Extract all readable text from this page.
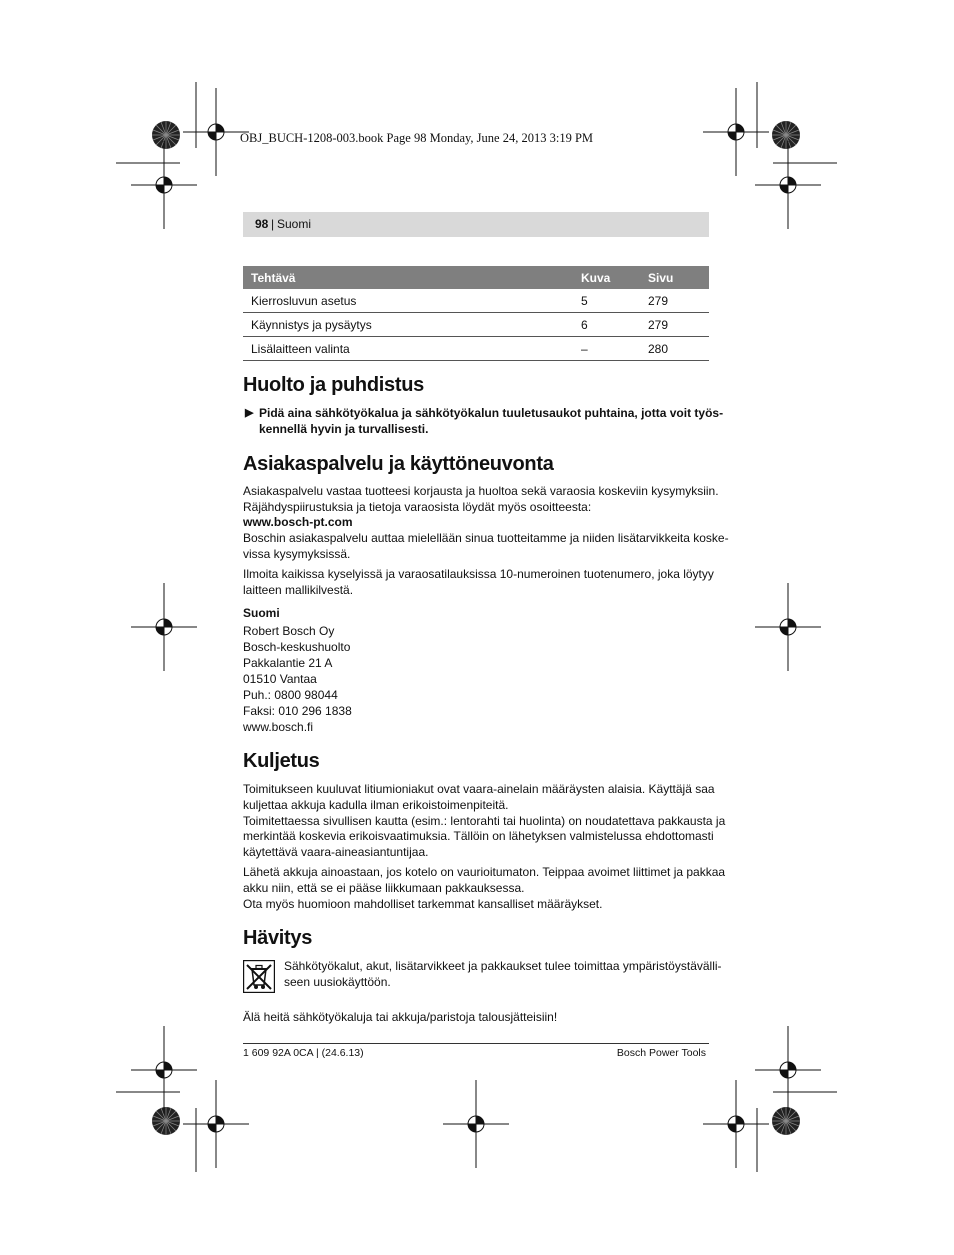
OBJ_BUCH-1208-003.book Page 98 Monday, June 24, 2013 3:19 PM
98 | Suomi
Tehtävä	Kuva	Sivu
Kierrosluvun asetus	5	279
Käynnistys ja pysäytys	6	279
Lisälaitteen valinta	–	280
Huolto ja puhdistus
▶ Pidä aina sähkötyökalua ja sähkötyökalun tuuletusaukot puhtaina, jotta voit työs-
kennellä hyvin ja turvallisesti.
Asiakaspalvelu ja käyttöneuvonta
Asiakaspalvelu vastaa tuotteesi korjausta ja huoltoa sekä varaosia koskeviin kysymyksiin.
Räjähdyspiirustuksia ja tietoja varaosista löydät myös osoitteesta:
www.bosch-pt.com
Boschin asiakaspalvelu auttaa mielellään sinua tuotteitamme ja niiden lisätarvikkeita koske-
vissa kysymyksissä.
Ilmoita kaikissa kyselyissä ja varaosatilauksissa 10-numeroinen tuotenumero, joka löytyy
laitteen mallikilvestä.
Suomi
Robert Bosch Oy
Bosch-keskushuolto
Pakkalantie 21 A
01510 Vantaa
Puh.: 0800 98044
Faksi: 010 296 1838
www.bosch.fi
Kuljetus
Toimitukseen kuuluvat litiumioniakut ovat vaara-ainelain määräysten alaisia. Käyttäjä saa
kuljettaa akkuja kadulla ilman erikoistoimenpiteitä.
Toimitettaessa sivullisen kautta (esim.: lentorahti tai huolinta) on noudatettava pakkausta ja
merkintää koskevia erikoisvaatimuksia. Tällöin on lähetyksen valmistelussa ehdottomasti
käytettävä vaara-aineasiantuntijaa.
Lähetä akkuja ainoastaan, jos kotelo on vaurioitumaton. Teippaa avoimet liittimet ja pakkaa
akku niin, että se ei pääse liikkumaan pakkauksessa.
Ota myös huomioon mahdolliset tarkemmat kansalliset määräykset.
Hävitys
Sähkötyökalut, akut, lisätarvikkeet ja pakkaukset tulee toimittaa ympäristöystävälli-
seen uusiokäyttöön.
Älä heitä sähkötyökaluja tai akkuja/paristoja talousjätteisiin!
1 609 92A 0CA | (24.6.13)	Bosch Power Tools
